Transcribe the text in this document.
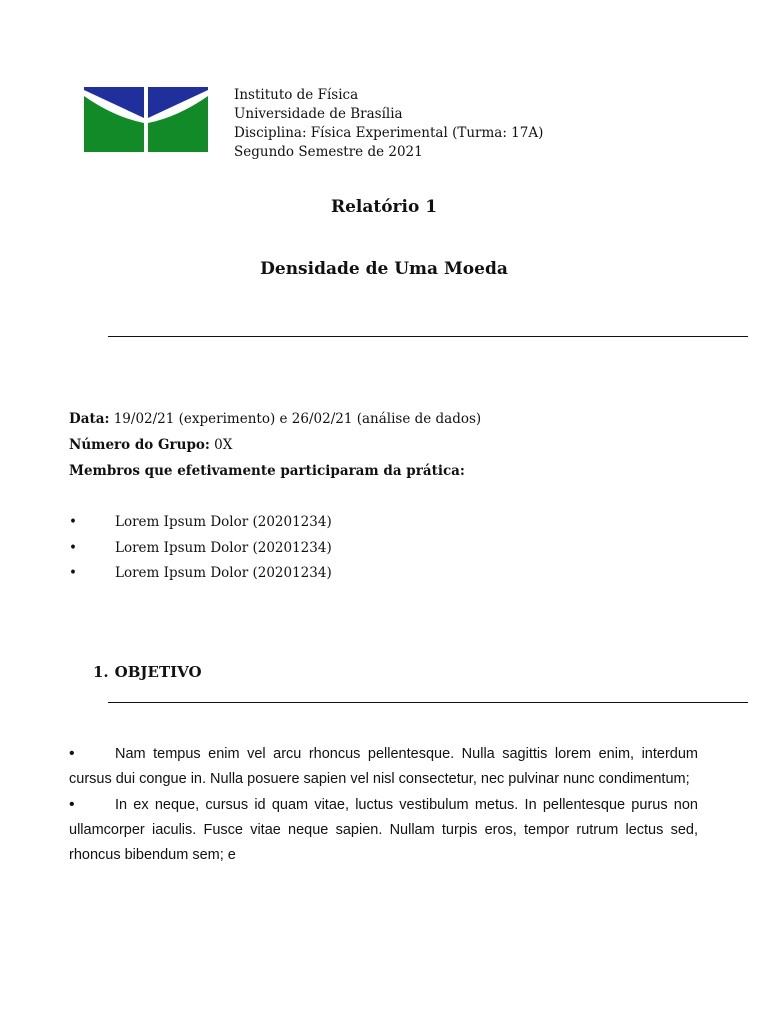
Instituto de Física
Universidade de Brasília
Disciplina: Física Experimental (Turma: 17A)
Segundo Semestre de 2021
Relatório 1
Densidade de Uma Moeda
Data: 19/02/21 (experimento) e 26/02/21 (análise de dados)
Número do Grupo: 0X
Membros que efetivamente participaram da prática:
•	Lorem Ipsum Dolor (20201234)
•	Lorem Ipsum Dolor (20201234)
•	Lorem Ipsum Dolor (20201234)
1. OBJETIVO

•	Nam tempus enim vel arcu rhoncus pellentesque. Nulla sagittis lorem enim, interdum cursus dui congue in. Nulla posuere sapien vel nisl consectetur, nec pulvinar nunc condimentum;

•	In ex neque, cursus id quam vitae, luctus vestibulum metus. In pellentesque purus non ullamcorper iaculis. Fusce vitae neque sapien. Nullam turpis eros, tempor rutrum lectus sed, rhoncus bibendum sem; e
